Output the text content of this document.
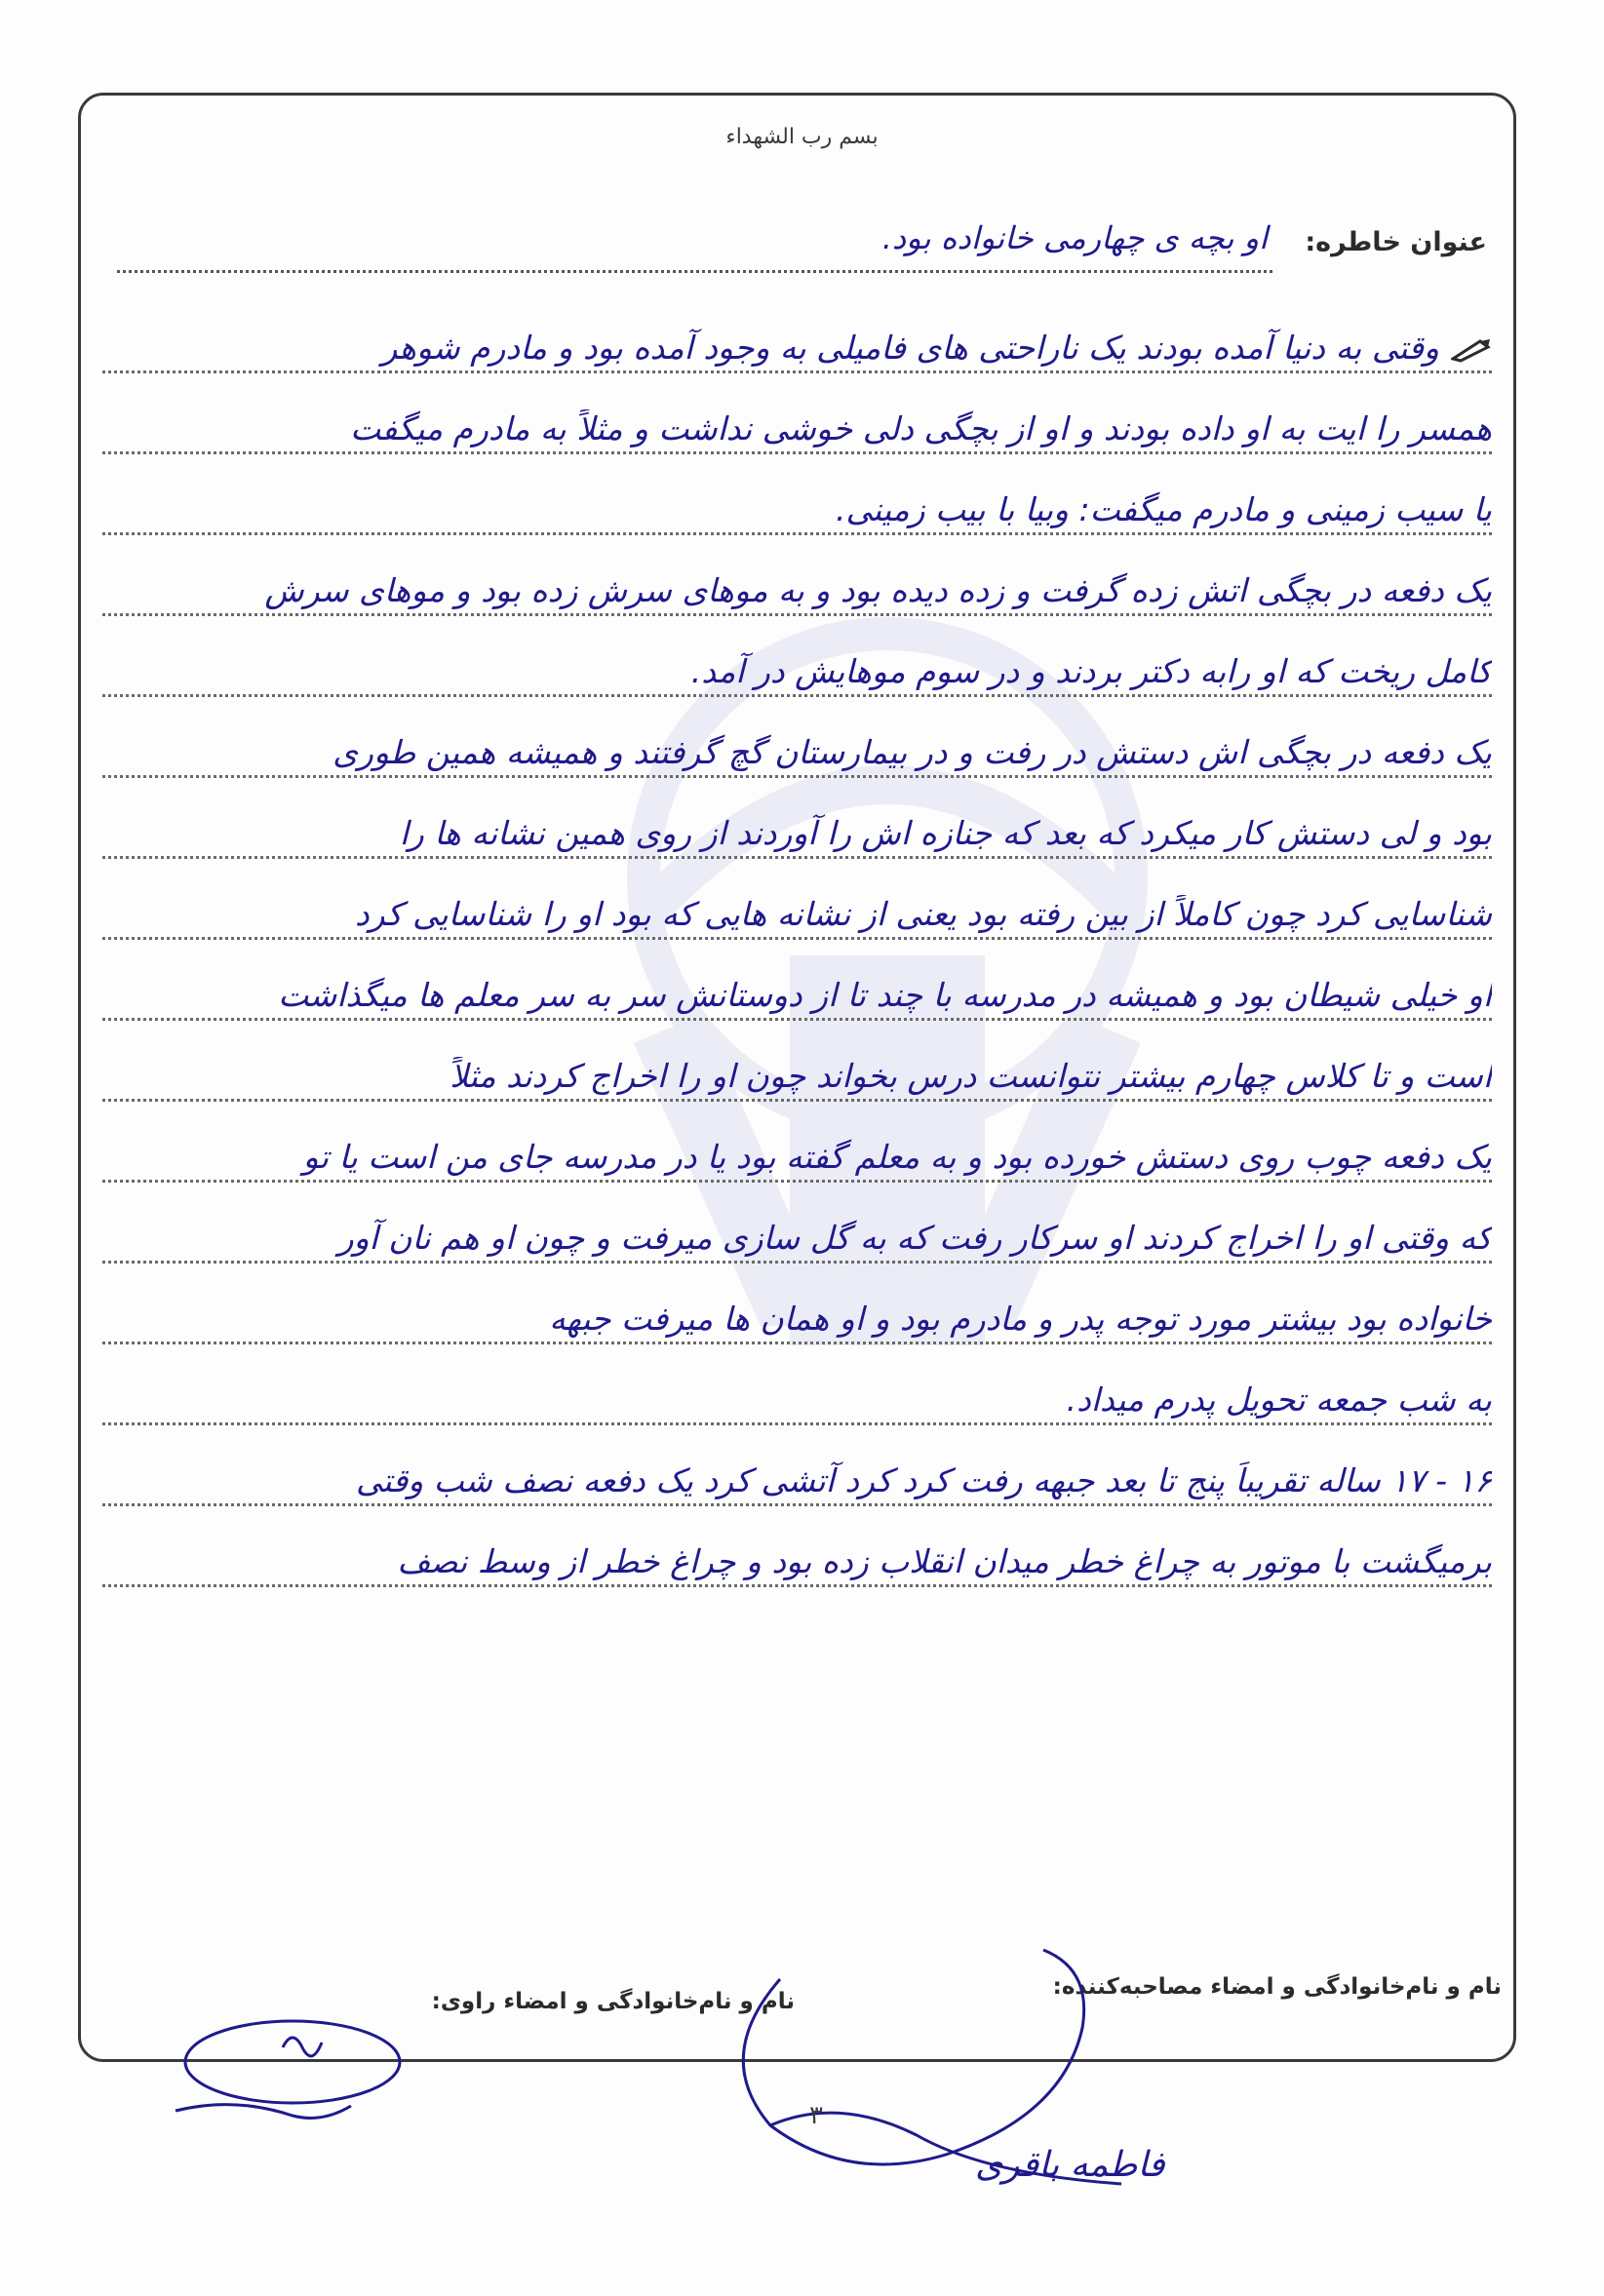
بسم رب الشهداء
عنوان خاطره:
او بچه ی چهارمی خانواده بود.
وقتی به دنیا آمده بودند یک ناراحتی های فامیلی به وجود آمده بود و مادرم شوهر
همسر را ایت به او داده بودند و او از بچگی دلی خوشی نداشت و مثلاً به مادرم میگفت
یا سیب زمینی و مادرم میگفت: وبیا با بیب زمینی.
یک دفعه در بچگی اتش زده گرفت و زده دیده بود و به موهای سرش زده بود و موهای سرش
کامل ریخت که او رابه دکتر بردند و در سوم موهایش در آمد.
یک دفعه در بچگی اش دستش در رفت و در بیمارستان گچ گرفتند و همیشه همین طوری
بود و لی دستش کار میکرد که بعد که جنازه اش را آوردند از روی همین نشانه ها را
شناسایی کرد چون کاملاً از بین رفته بود یعنی از نشانه هایی که بود او را شناسایی کرد
او خیلی شیطان بود و همیشه در مدرسه با چند تا از دوستانش سر به سر معلم ها میگذاشت
است و تا کلاس چهارم بیشتر نتوانست درس بخواند چون او را اخراج کردند مثلاً
یک دفعه چوب روی دستش خورده بود و به معلم گفته بود یا در مدرسه جای من است یا تو
که وقتی او را اخراج کردند او سرکار رفت که به گل سازی میرفت و چون او هم نان آور
خانواده بود بیشتر مورد توجه پدر و مادرم بود و او همان ها میرفت جبهه
به شب جمعه تحویل پدرم میداد.
۱۶ - ۱۷ ساله تقریباً پنج تا بعد جبهه رفت کرد کرد آتشی کرد یک دفعه نصف شب وقتی
برمیگشت با موتور به چراغ خطر میدان انقلاب زده بود و چراغ خطر از وسط نصف
نام و نام‌خانوادگی و امضاء مصاحبه‌کننده:
نام و نام‌خانوادگی و امضاء راوی:
۳
فاطمه باقری
